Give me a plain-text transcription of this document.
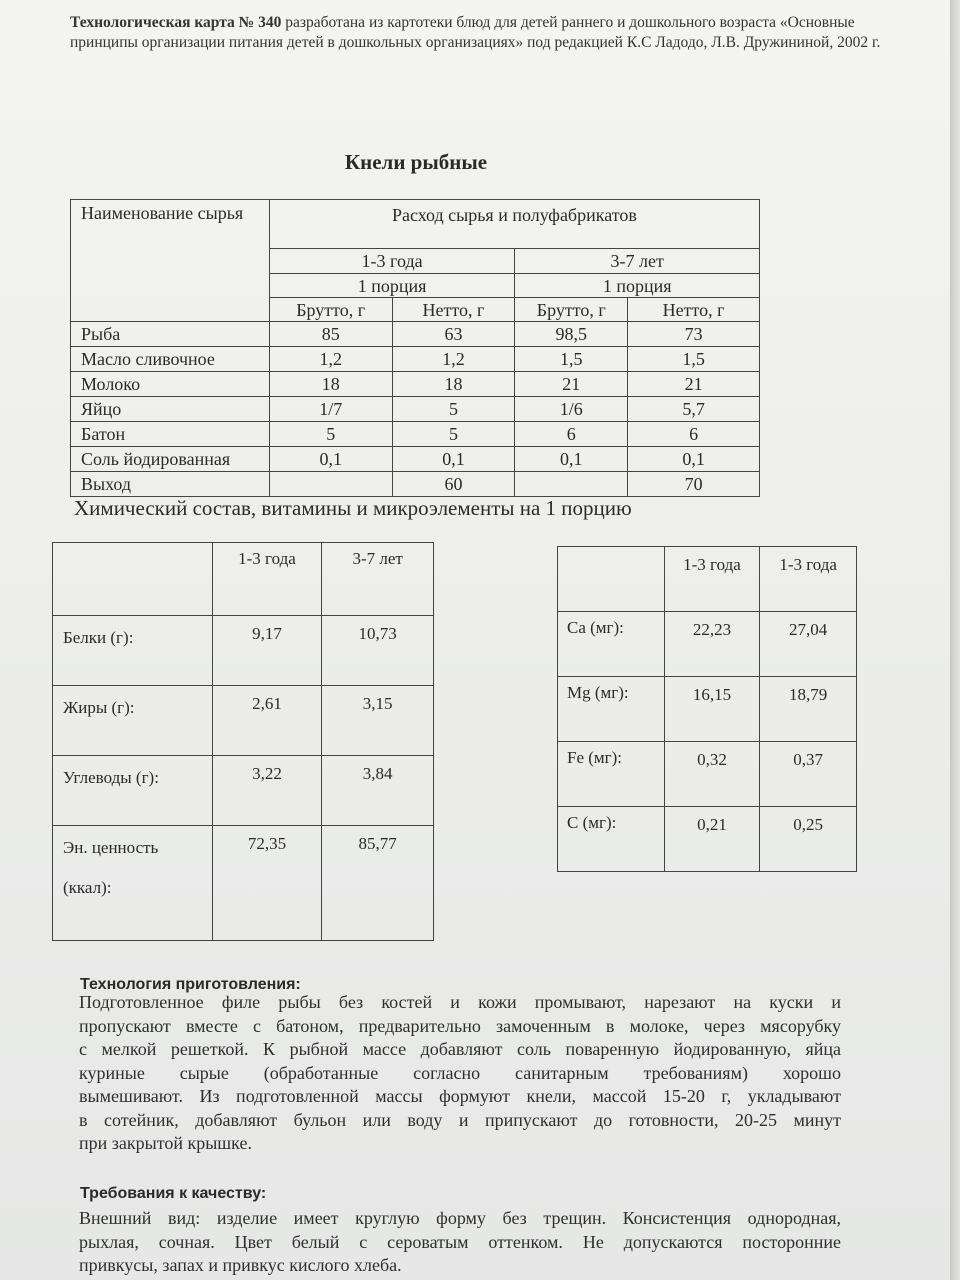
Технологическая карта № 340 разработана из картотеки блюд для детей раннего и дошкольного возраста «Основные принципы организации питания детей в дошкольных организациях» под редакцией К.С Ладодо, Л.В. Дружининой, 2002 г.
Кнели рыбные
Наименование сырья	Расход сырья и полуфабрикатов			
	1-3 года		3-7 лет	
	1 порция		1 порция	
	Брутто, г	Нетто, г	Брутто, г	Нетто, г
Рыба	85	63	98,5	73
Масло сливочное	1,2	1,2	1,5	1,5
Молоко	18	18	21	21
Яйцо	1/7	5	1/6	5,7
Батон	5	5	6	6
Соль йодированная	0,1	0,1	0,1	0,1
Выход		60		70
Химический состав, витамины и микроэлементы на 1 порцию
	1-3 года	3-7 лет
Белки (г):	9,17	10,73
Жиры (г):	2,61	3,15
Углеводы (г):	3,22	3,84
Эн. ценность

(ккал):	72,35	85,77
	1-3 года	1-3 года
Ca (мг):	22,23	27,04
Mg (мг):	16,15	18,79
Fe (мг):	0,32	0,37
C (мг):	0,21	0,25
Технология приготовления:
Подготовленное филе рыбы без костей и кожи промывают, нарезают на куски и
пропускают вместе с батоном, предварительно замоченным в молоке, через мясорубку
с мелкой решеткой. К рыбной массе добавляют соль поваренную йодированную, яйца
куриные сырые (обработанные согласно санитарным требованиям) хорошо
вымешивают. Из подготовленной массы формуют кнели, массой 15-20 г, укладывают
в сотейник, добавляют бульон или воду и припускают до готовности, 20-25 минут
при закрытой крышке.
Требования к качеству:
Внешний вид: изделие имеет круглую форму без трещин. Консистенция однородная,
рыхлая, сочная. Цвет белый с сероватым оттенком. Не допускаются посторонние
привкусы, запах и привкус кислого хлеба.
